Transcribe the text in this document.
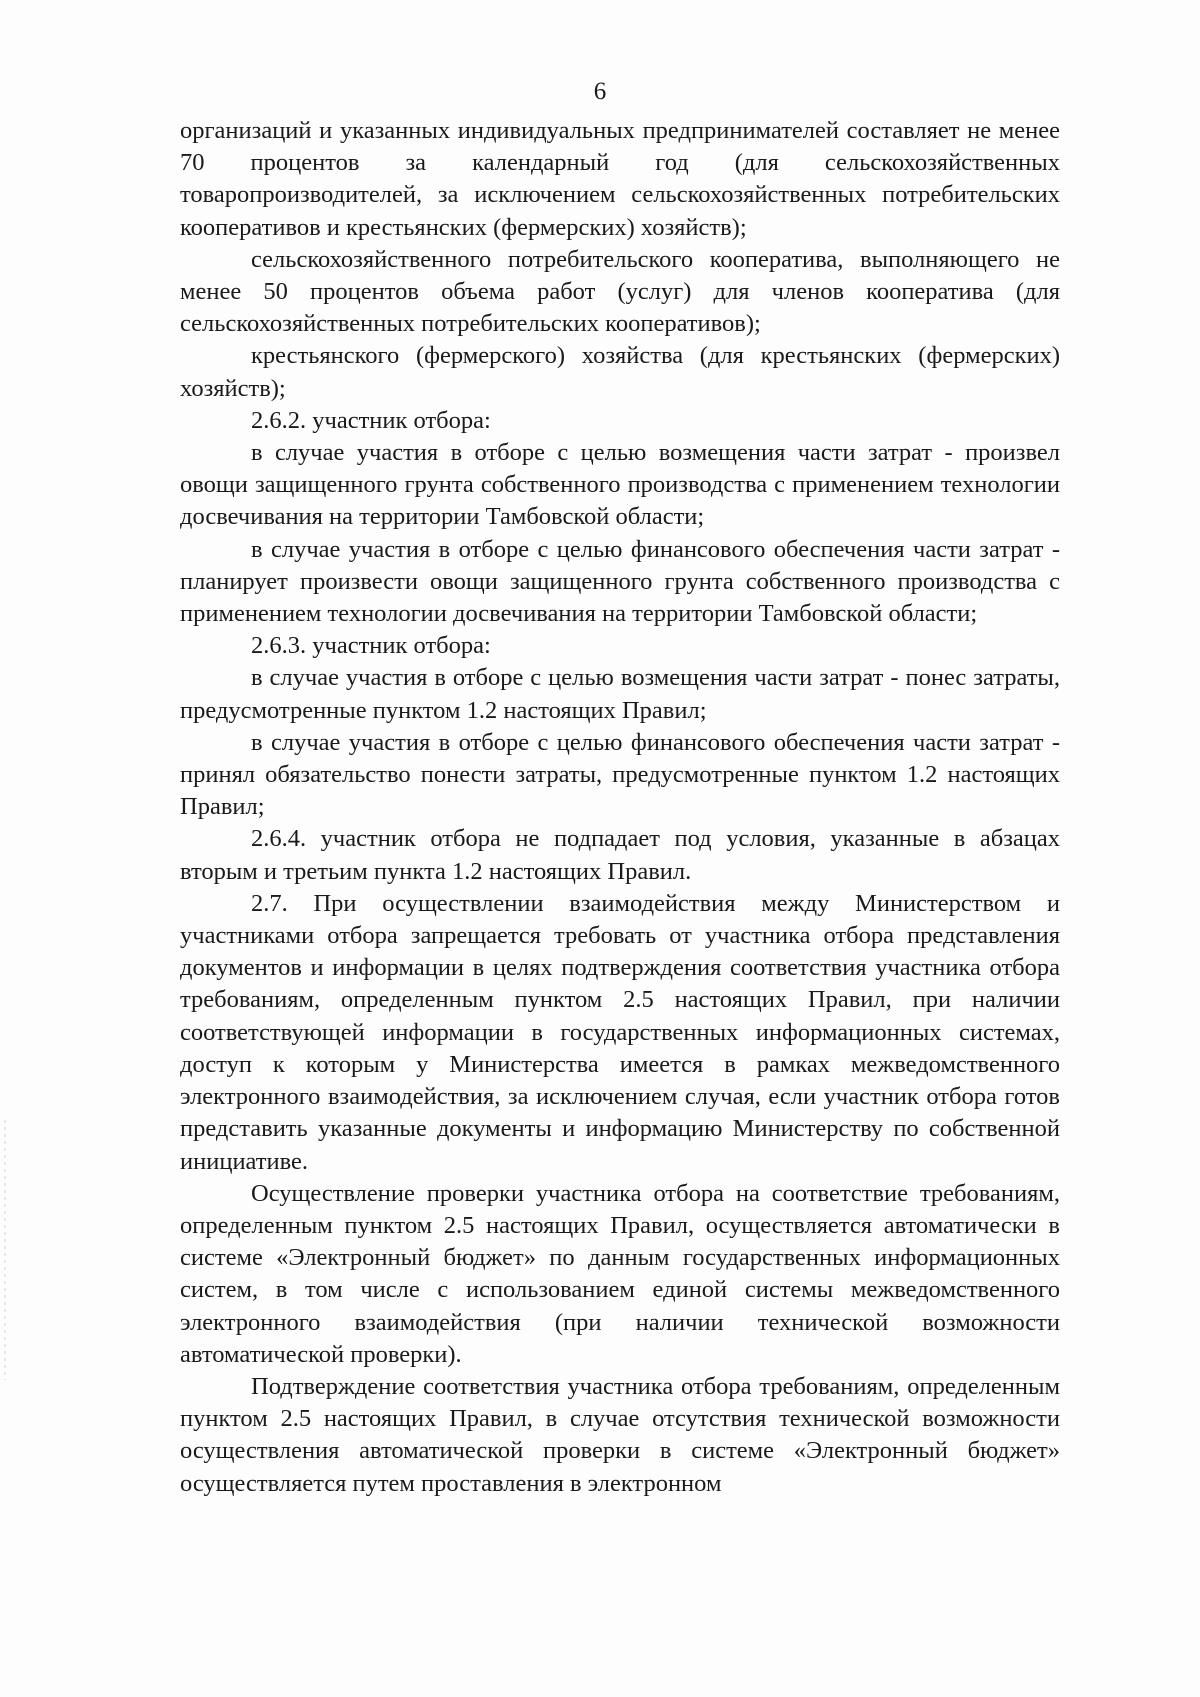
6

организаций и указанных индивидуальных предпринимателей составляет не менее 70 процентов за календарный год (для сельскохозяйственных товаропроизводителей, за исключением сельскохозяйственных потребительских кооперативов и крестьянских (фермерских) хозяйств);

сельскохозяйственного потребительского кооператива, выполняющего не менее 50 процентов объема работ (услуг) для членов кооператива (для сельскохозяйственных потребительских кооперативов);

крестьянского (фермерского) хозяйства (для крестьянских (фермерских) хозяйств);

2.6.2. участник отбора:

в случае участия в отборе с целью возмещения части затрат - произвел овощи защищенного грунта собственного производства с применением технологии досвечивания на территории Тамбовской области;

в случае участия в отборе с целью финансового обеспечения части затрат - планирует произвести овощи защищенного грунта собственного производства с применением технологии досвечивания на территории Тамбовской области;

2.6.3. участник отбора:

в случае участия в отборе с целью возмещения части затрат - понес затраты, предусмотренные пунктом 1.2 настоящих Правил;

в случае участия в отборе с целью финансового обеспечения части затрат - принял обязательство понести затраты, предусмотренные пунктом 1.2 настоящих Правил;

2.6.4. участник отбора не подпадает под условия, указанные в абзацах вторым и третьим пункта 1.2 настоящих Правил.

2.7. При осуществлении взаимодействия между Министерством и участниками отбора запрещается требовать от участника отбора представления документов и информации в целях подтверждения соответствия участника отбора требованиям, определенным пунктом 2.5 настоящих Правил, при наличии соответствующей информации в государственных информационных системах, доступ к которым у Министерства имеется в рамках межведомственного электронного взаимодействия, за исключением случая, если участник отбора готов представить указанные документы и информацию Министерству по собственной инициативе.

Осуществление проверки участника отбора на соответствие требованиям, определенным пунктом 2.5 настоящих Правил, осуществляется автоматически в системе «Электронный бюджет» по данным государственных информационных систем, в том числе с использованием единой системы межведомственного электронного взаимодействия (при наличии технической возможности автоматической проверки).

Подтверждение соответствия участника отбора требованиям, определенным пунктом 2.5 настоящих Правил, в случае отсутствия технической возможности осуществления автоматической проверки в системе «Электронный бюджет» осуществляется путем проставления в электронном
